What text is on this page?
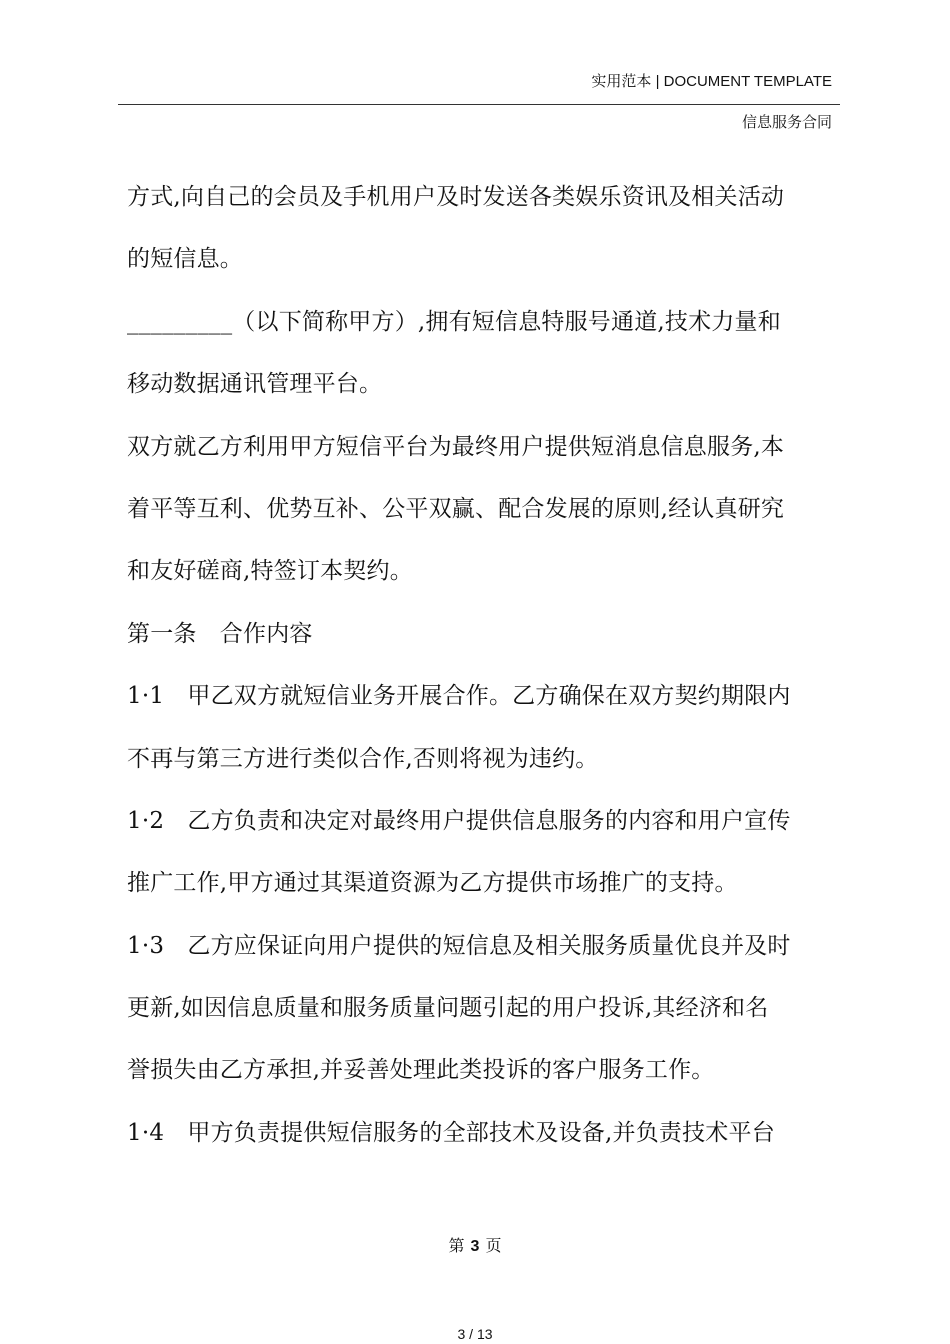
实用范本 | DOCUMENT TEMPLATE
信息服务合同
方式,向自己的会员及手机用户及时发送各类娱乐资讯及相关活动
的短信息。
_________（以下简称甲方）,拥有短信息特服号通道,技术力量和
移动数据通讯管理平台。
双方就乙方利用甲方短信平台为最终用户提供短消息信息服务,本
着平等互利、优势互补、公平双赢、配合发展的原则,经认真研究
和友好磋商,特签订本契约。
第一条　合作内容
1·1　甲乙双方就短信业务开展合作。乙方确保在双方契约期限内
不再与第三方进行类似合作,否则将视为违约。
1·2　乙方负责和决定对最终用户提供信息服务的内容和用户宣传
推广工作,甲方通过其渠道资源为乙方提供市场推广的支持。
1·3　乙方应保证向用户提供的短信息及相关服务质量优良并及时
更新,如因信息质量和服务质量问题引起的用户投诉,其经济和名
誉损失由乙方承担,并妥善处理此类投诉的客户服务工作。
1·4　甲方负责提供短信服务的全部技术及设备,并负责技术平台
第 3 页
3 / 13
